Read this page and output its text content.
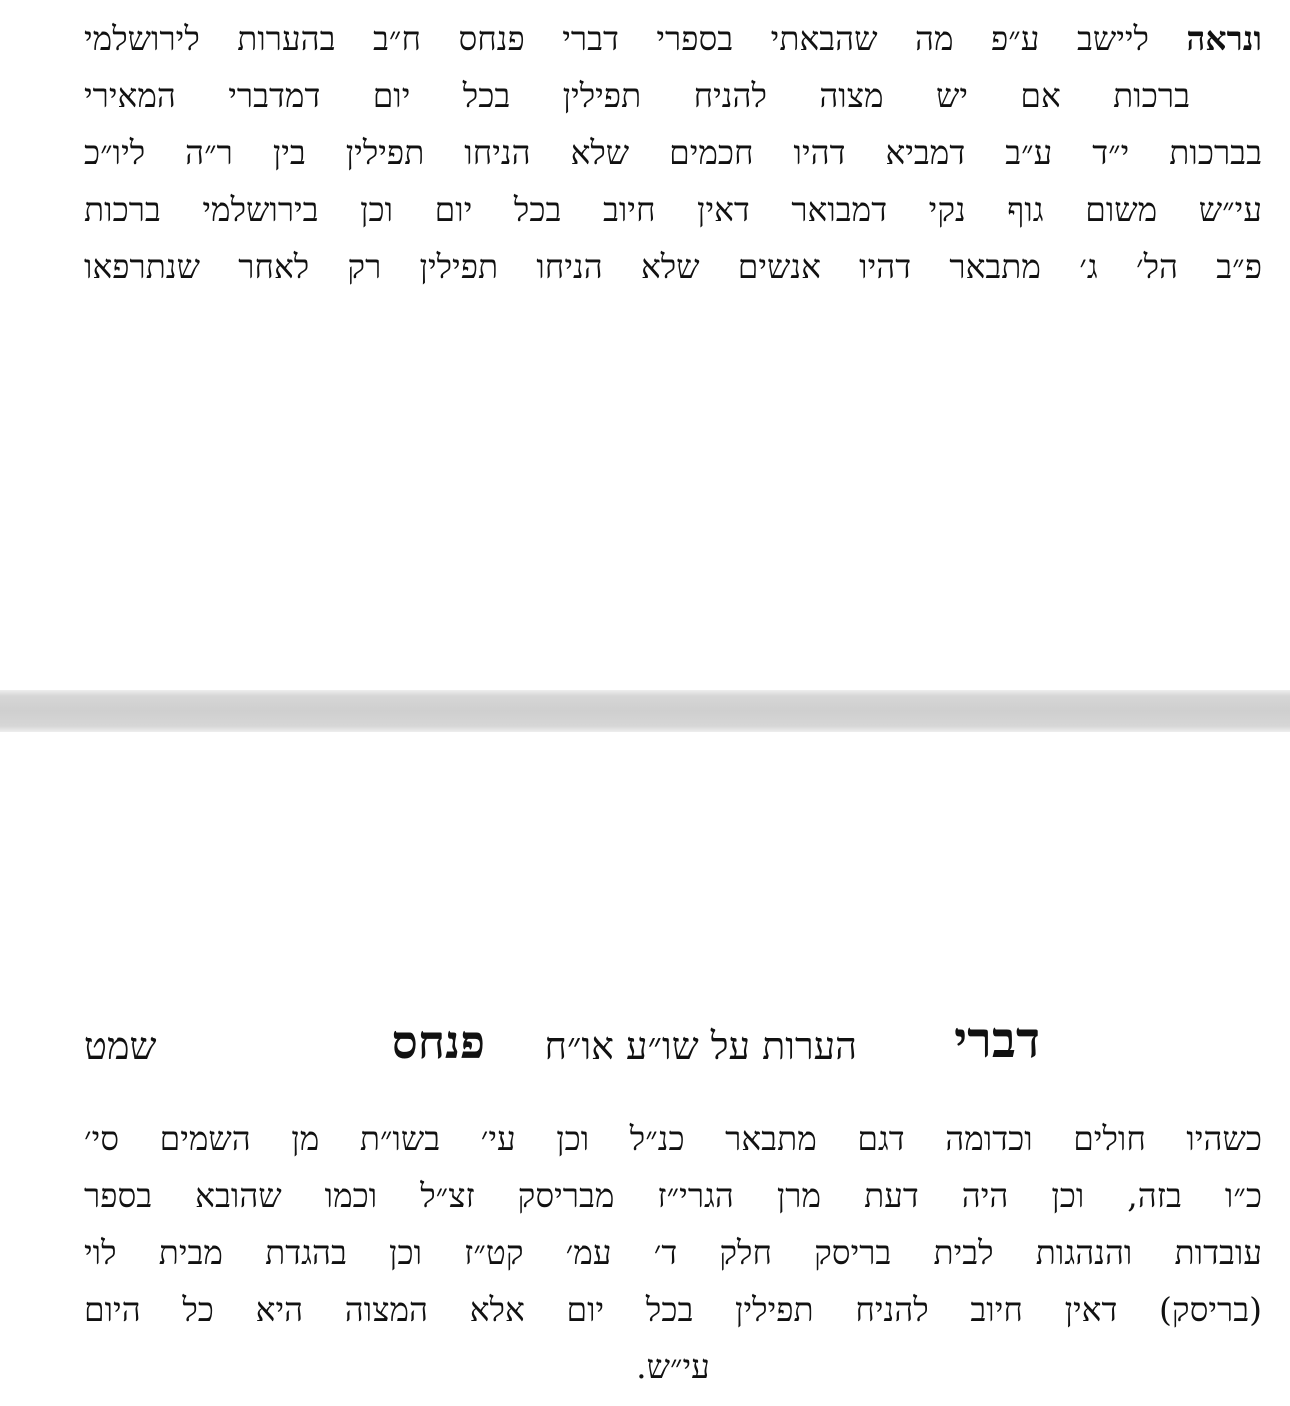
ונראה ליישב ע״פ מה שהבאתי בספרי דברי פנחס ח״ב בהערות לירושלמי
ברכות אם יש מצוה להניח תפילין בכל יום דמדברי המאירי
בברכות י״ד ע״ב דמביא דהיו חכמים שלא הניחו תפילין בין ר״ה ליו״כ
עי״ש משום גוף נקי דמבואר דאין חיוב בכל יום וכן בירושלמי ברכות
פ״ב הל׳ ג׳ מתבאר דהיו אנשים שלא הניחו תפילין רק לאחר שנתרפאו
דברי
הערות על שו״ע או״ח
פנחס
שמט
כשהיו חולים וכדומה דגם מתבאר כנ״ל וכן עי׳ בשו״ת מן השמים סי׳
כ״ו בזה, וכן היה דעת מרן הגרי״ז מבריסק זצ״ל וכמו שהובא בספר
עובדות והנהגות לבית בריסק חלק ד׳ עמ׳ קט״ז וכן בהגדת מבית לוי
(בריסק) דאין חיוב להניח תפילין בכל יום אלא המצוה היא כל היום
עי״ש.
